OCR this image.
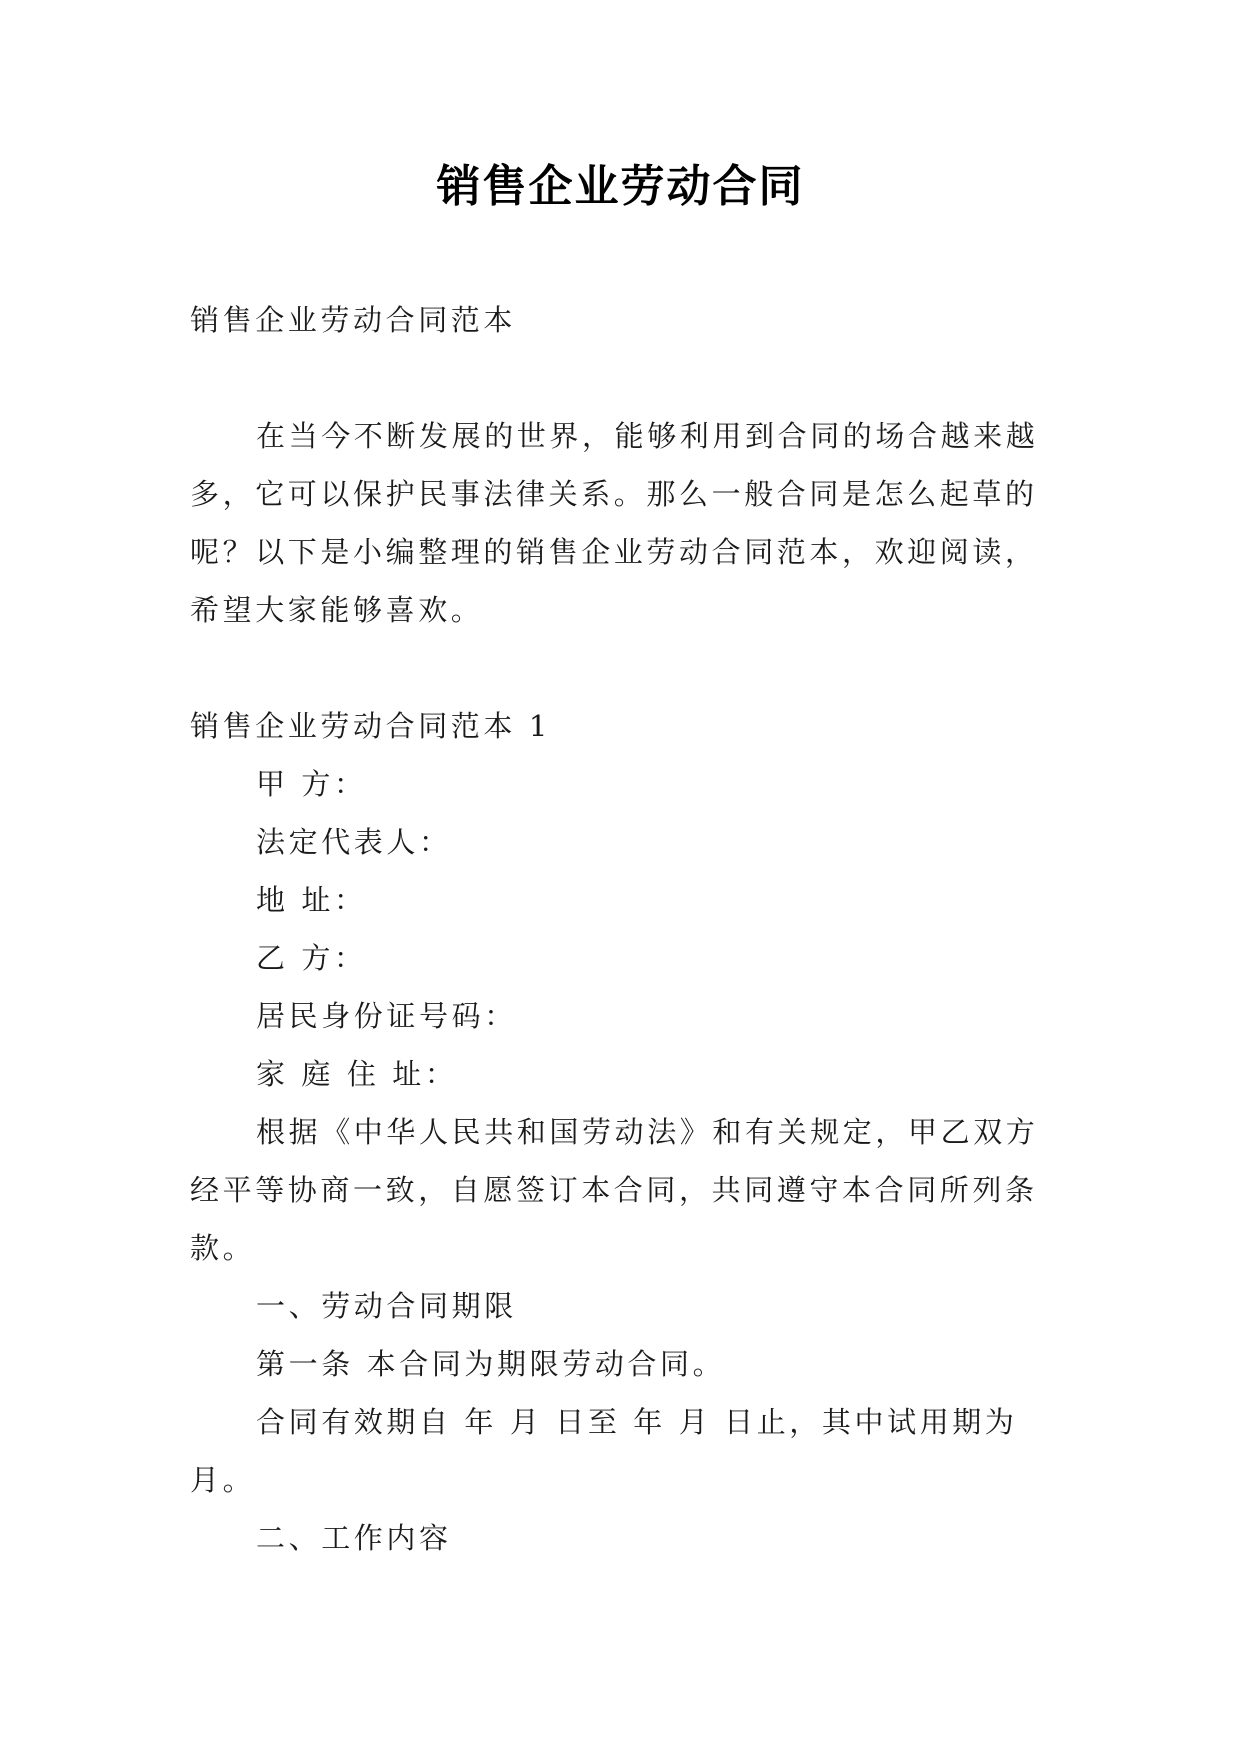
销售企业劳动合同
销售企业劳动合同范本
在当今不断发展的世界，能够利用到合同的场合越来越
多，它可以保护民事法律关系。那么一般合同是怎么起草的
呢？以下是小编整理的销售企业劳动合同范本，欢迎阅读，
希望大家能够喜欢。
销售企业劳动合同范本 1
甲 方：
法定代表人：
地 址：
乙 方：
居民身份证号码：
家 庭 住 址：
根据《中华人民共和国劳动法》和有关规定，甲乙双方
经平等协商一致，自愿签订本合同，共同遵守本合同所列条
款。
一、劳动合同期限
第一条 本合同为期限劳动合同。
合同有效期自 年 月 日至 年 月 日止，其中试用期为
月。
二、工作内容
